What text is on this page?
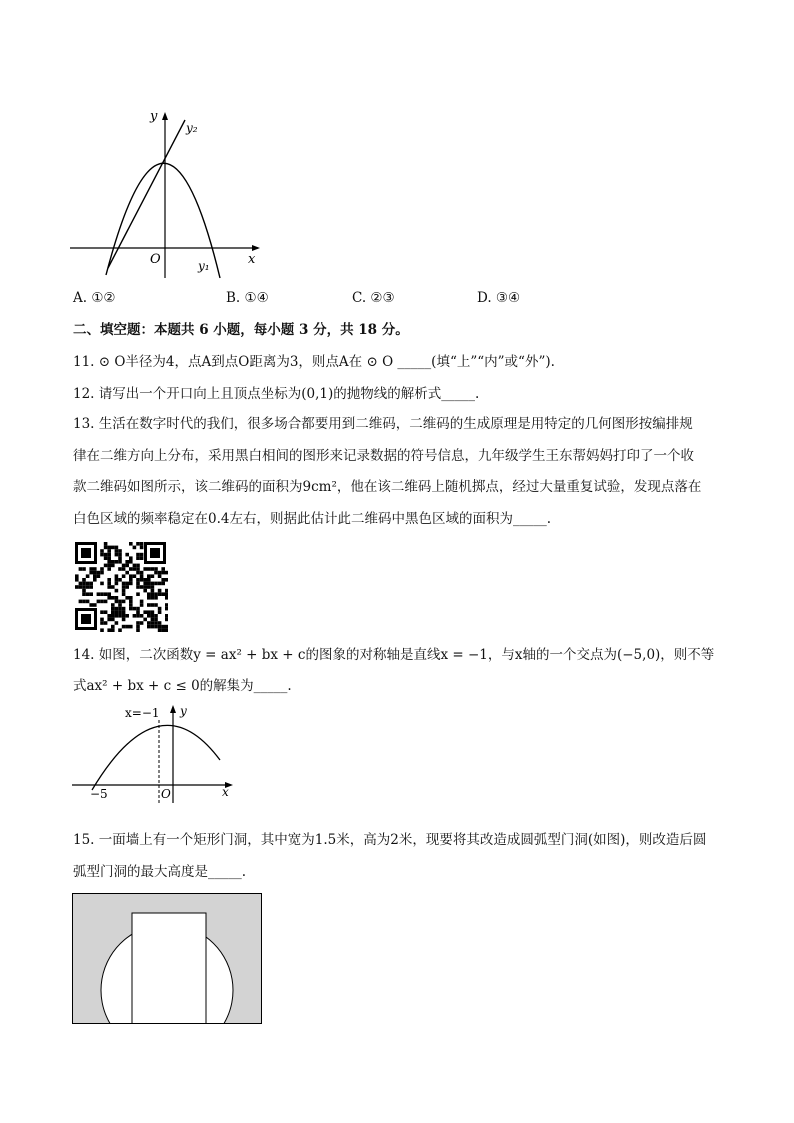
y
y₂
O	y₁	x
A. ①②	B. ①④	C. ②③	D. ③④
二、填空题：本题共 6 小题，每小题 3 分，共 18 分。
11. ⊙ O半径为4，点A到点O距离为3，则点A在 ⊙ O _____(填“上”“内”或“外”).
12. 请写出一个开口向上且顶点坐标为(0,1)的抛物线的解析式_____.
13. 生活在数字时代的我们，很多场合都要用到二维码，二维码的生成原理是用特定的几何图形按编排规
律在二维方向上分布，采用黑白相间的图形来记录数据的符号信息，九年级学生王东帮妈妈打印了一个收
款二维码如图所示，该二维码的面积为9cm²，他在该二维码上随机掷点，经过大量重复试验，发现点落在
白色区域的频率稳定在0.4左右，则据此估计此二维码中黑色区域的面积为_____.
14. 如图，二次函数y = ax² + bx + c的图象的对称轴是直线x = −1，与x轴的一个交点为(−5,0)，则不等
式ax² + bx + c ≤ 0的解集为_____.
x=−1 y
−5	O	x
15. 一面墙上有一个矩形门洞，其中宽为1.5米，高为2米，现要将其改造成圆弧型门洞(如图)，则改造后圆
弧型门洞的最大高度是_____.
